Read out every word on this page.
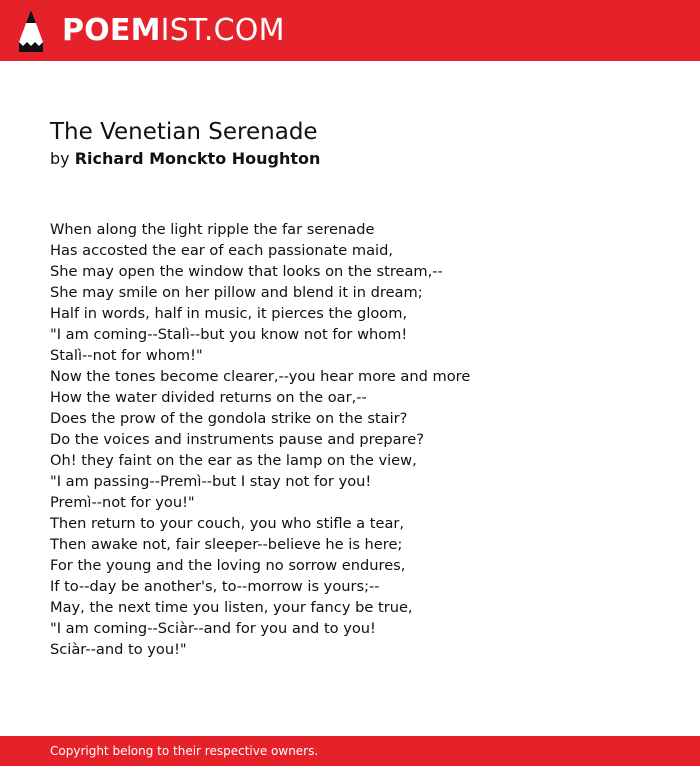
POEMIST.COM
The Venetian Serenade
by Richard Monckto Houghton
When along the light ripple the far serenade
Has accosted the ear of each passionate maid,
She may open the window that looks on the stream,--
She may smile on her pillow and blend it in dream;
Half in words, half in music, it pierces the gloom,
"I am coming--Stalì--but you know not for whom!
Stalì--not for whom!"
Now the tones become clearer,--you hear more and more
How the water divided returns on the oar,--
Does the prow of the gondola strike on the stair?
Do the voices and instruments pause and prepare?
Oh! they faint on the ear as the lamp on the view,
"I am passing--Premì--but I stay not for you!
Premì--not for you!"
Then return to your couch, you who stifle a tear,
Then awake not, fair sleeper--believe he is here;
For the young and the loving no sorrow endures,
If to--day be another's, to--morrow is yours;--
May, the next time you listen, your fancy be true,
"I am coming--Sciàr--and for you and to you!
Sciàr--and to you!"
Copyright belong to their respective owners.
